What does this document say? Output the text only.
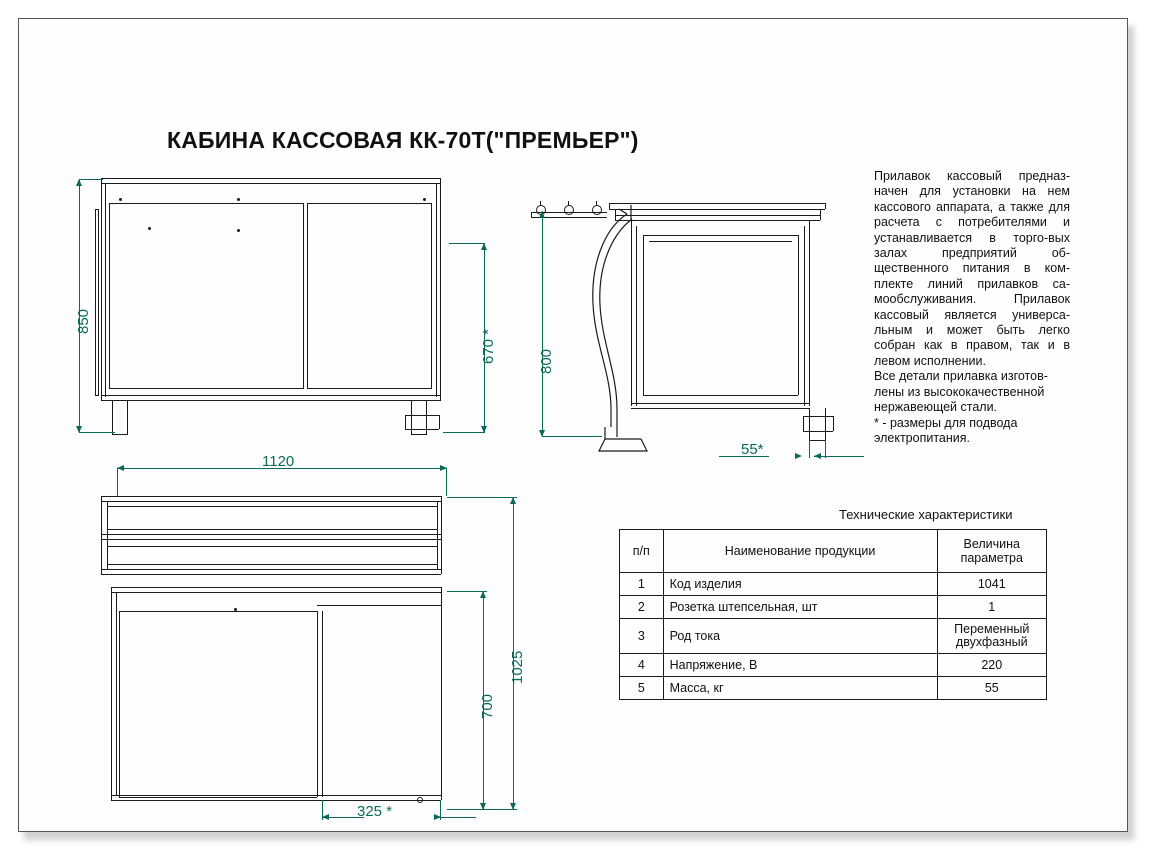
КАБИНА КАССОВАЯ КК-70Т("ПРЕМЬЕР")
850
670 *	800
55*
1120
1025
700
325 *

Прилавок кассовый предназ-начен для установки на нем кассового аппарата, а также для расчета с потребителями и устанавливается в торго-вых залах предприятий об-щественного питания в ком-плекте линий прилавков са-мообслуживания. Прилавок кассовый является универса-льным и может быть легко собран как в правом, так и в левом исполнении.

Все детали прилавка изготов-лены из высококачественной нержавеющей стали.

* - размеры для подвода электропитания.

Технические характеристики
п/п	Наименование продукции	Величина
параметра

1	Код изделия	1041
2	Розетка штепсельная, шт	1
3	Род тока	Переменный
двухфазный

4	Напряжение, В	220
5	Масса, кг	55
